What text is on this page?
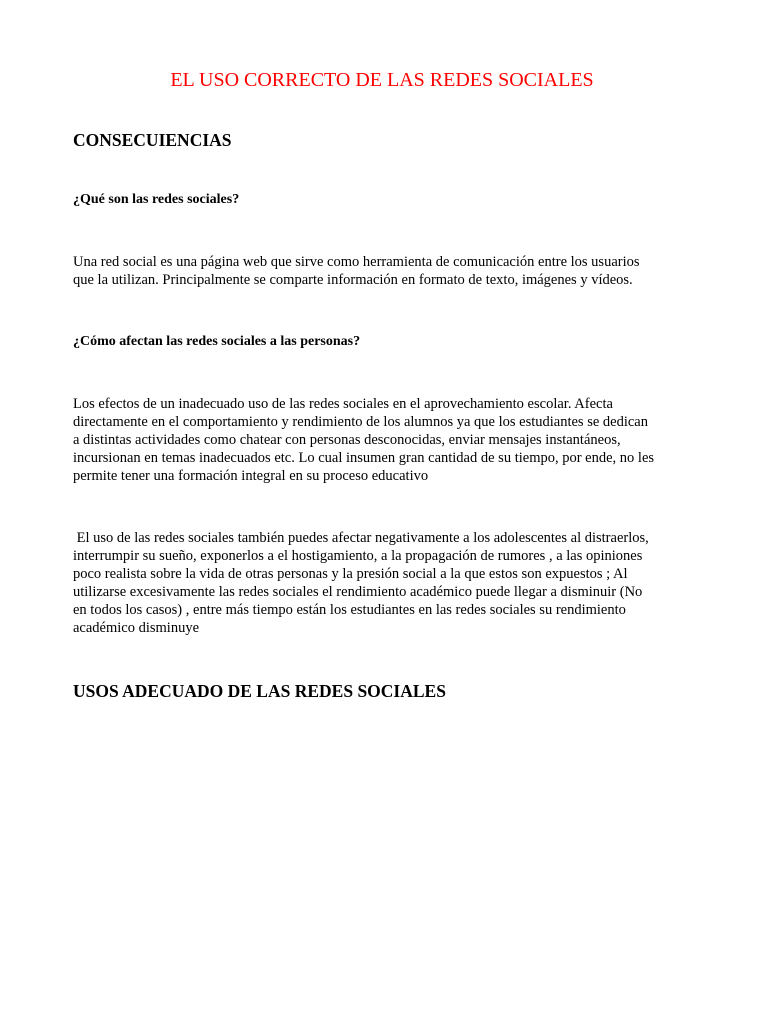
EL USO CORRECTO DE LAS REDES SOCIALES
CONSECUIENCIAS
¿Qué son las redes sociales?
Una red social es una página web que sirve como herramienta de comunicación entre los usuarios
que la utilizan. Principalmente se comparte información en formato de texto, imágenes y vídeos.
¿Cómo afectan las redes sociales a las personas?
Los efectos de un inadecuado uso de las redes sociales en el aprovechamiento escolar. Afecta
directamente en el comportamiento y rendimiento de los alumnos ya que los estudiantes se dedican
a distintas actividades como chatear con personas desconocidas, enviar mensajes instantáneos,
incursionan en temas inadecuados etc. Lo cual insumen gran cantidad de su tiempo, por ende, no les
permite tener una formación integral en su proceso educativo
El uso de las redes sociales también puedes afectar negativamente a los adolescentes al distraerlos,
interrumpir su sueño, exponerlos a el hostigamiento, a la propagación de rumores , a las opiniones
poco realista sobre la vida de otras personas y la presión social a la que estos son expuestos ; Al
utilizarse excesivamente las redes sociales el rendimiento académico puede llegar a disminuir (No
en todos los casos) , entre más tiempo están los estudiantes en las redes sociales su rendimiento
académico disminuye
USOS ADECUADO DE LAS REDES SOCIALES
